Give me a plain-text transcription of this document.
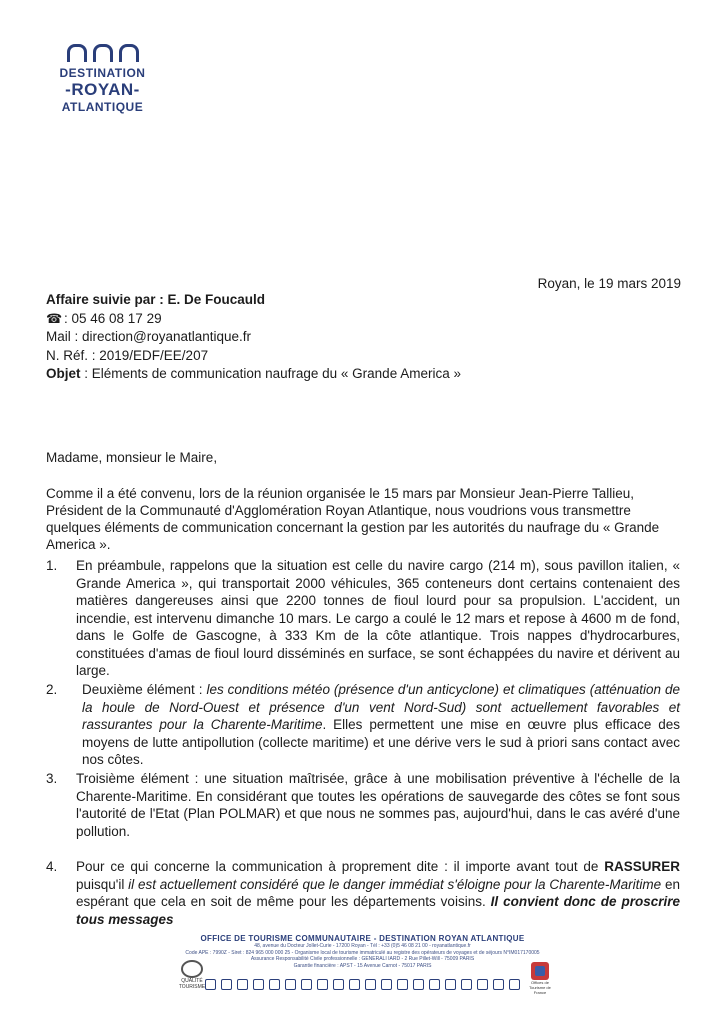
DESTINATION
-ROYAN-
ATLANTIQUE
Royan, le 19 mars 2019
Affaire suivie par : E. De Foucauld
☎ : 05 46 08 17 29
Mail : direction@royanatlantique.fr
N. Réf. : 2019/EDF/EE/207
Objet : Eléments de communication naufrage du « Grande America »
Madame, monsieur le Maire,
Comme il a été convenu, lors de la réunion organisée le 15 mars par Monsieur Jean-Pierre Tallieu, Président de la Communauté d'Agglomération Royan Atlantique, nous voudrions vous transmettre quelques éléments de communication concernant la gestion par les autorités du naufrage du « Grande America ».
1. En préambule, rappelons que la situation est celle du navire cargo (214 m), sous pavillon italien, « Grande America », qui transportait 2000 véhicules, 365 conteneurs dont certains contenaient des matières dangereuses ainsi que 2200 tonnes de fioul lourd pour sa propulsion. L'accident, un incendie, est intervenu dimanche 10 mars. Le cargo a coulé le 12 mars et repose à 4600 m de fond, dans le Golfe de Gascogne, à 333 Km de la côte atlantique. Trois nappes d'hydrocarbures, constituées d'amas de fioul lourd disséminés en surface, se sont échappées du navire et dérivent au large.
2. Deuxième élément : les conditions météo (présence d'un anticyclone) et climatiques (atténuation de la houle de Nord-Ouest et présence d'un vent Nord-Sud) sont actuellement favorables et rassurantes pour la Charente-Maritime. Elles permettent une mise en œuvre plus efficace des moyens de lutte antipollution (collecte maritime) et une dérive vers le sud à priori sans contact avec nos côtes.
3. Troisième élément : une situation maîtrisée, grâce à une mobilisation préventive à l'échelle de la Charente-Maritime. En considérant que toutes les opérations de sauvegarde des côtes se font sous l'autorité de l'Etat (Plan POLMAR) et que nous ne sommes pas, aujourd'hui, dans le cas avéré d'une pollution.
4. Pour ce qui concerne la communication à proprement dite : il importe avant tout de RASSURER puisqu'il il est actuellement considéré que le danger immédiat s'éloigne pour la Charente-Maritime en espérant que cela en soit de même pour les départements voisins. Il convient donc de proscrire tous messages
OFFICE DE TOURISME COMMUNAUTAIRE - DESTINATION ROYAN ATLANTIQUE
48, avenue du Docteur Jollet-Curie - 17200 Royan - Tél : +33 (0)5 46 08 21 00 - royanatlantique.fr
Code APE : 7990Z - Siret : 824 965 000 000 25 - Organisme local de tourisme immatriculé au registre des opérateurs de voyages et de séjours N°IM017170005
Assurance Responsabilité Civile professionnelle : GENERALI IARD - 2 Rue Pillet-Will - 75009 PARIS
Garantie financière : APST - 15 Avenue Carnot - 75017 PARIS
QUALITÉ TOURISME
Offices de Tourisme de France
